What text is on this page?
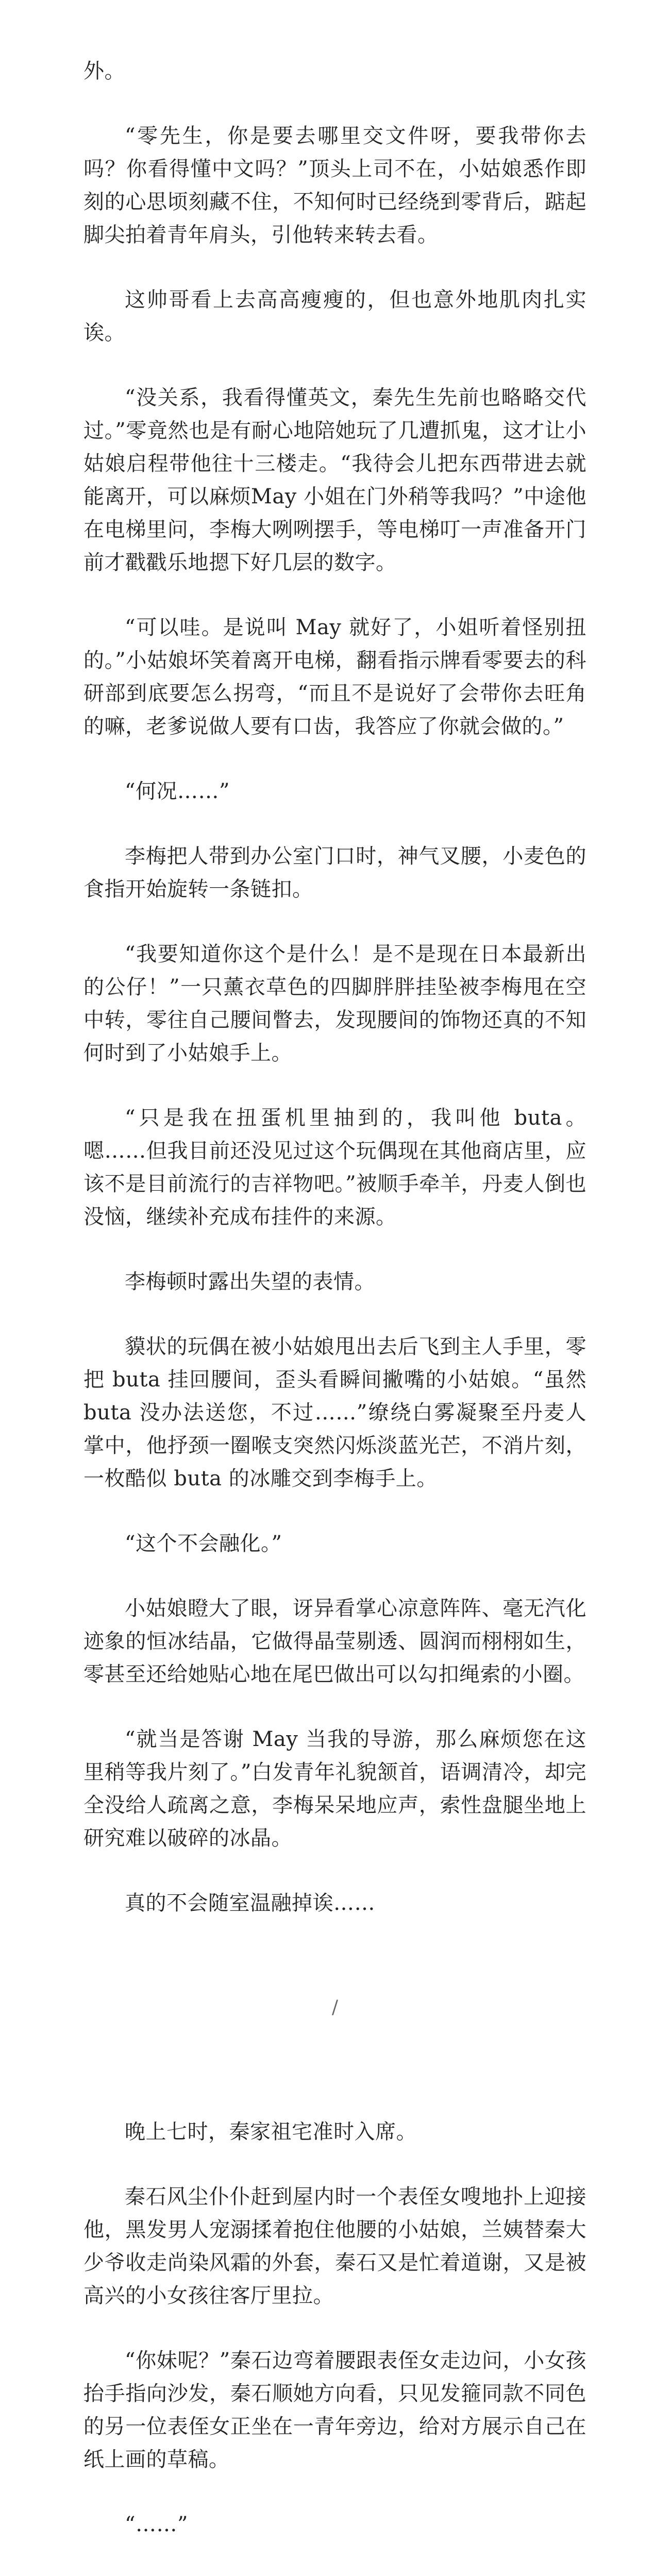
外。

“零先生，你是要去哪里交文件呀，要我带你去吗？你看得懂中文吗？”顶头上司不在，小姑娘悉作即刻的心思顷刻藏不住，不知何时已经绕到零背后，踮起脚尖拍着青年肩头，引他转来转去看。

这帅哥看上去高高瘦瘦的，但也意外地肌肉扎实诶。

“没关系，我看得懂英文，秦先生先前也略略交代过。”零竟然也是有耐心地陪她玩了几遭抓鬼，这才让小姑娘启程带他往十三楼走。“我待会儿把东西带进去就能离开，可以麻烦May 小姐在门外稍等我吗？”中途他在电梯里问，李梅大咧咧摆手，等电梯叮一声准备开门前才戳戳乐地摁下好几层的数字。

“可以哇。是说叫 May 就好了，小姐听着怪别扭的。”小姑娘坏笑着离开电梯，翻看指示牌看零要去的科研部到底要怎么拐弯，“而且不是说好了会带你去旺角的嘛，老爹说做人要有口齿，我答应了你就会做的。”

“何况……”

李梅把人带到办公室门口时，神气叉腰，小麦色的食指开始旋转一条链扣。

“我要知道你这个是什么！是不是现在日本最新出的公仔！”一只薰衣草色的四脚胖胖挂坠被李梅甩在空中转，零往自己腰间瞥去，发现腰间的饰物还真的不知何时到了小姑娘手上。

“只是我在扭蛋机里抽到的，我叫他 buta。嗯……但我目前还没见过这个玩偶现在其他商店里，应该不是目前流行的吉祥物吧。”被顺手牵羊，丹麦人倒也没恼，继续补充成布挂件的来源。

李梅顿时露出失望的表情。

貘状的玩偶在被小姑娘甩出去后飞到主人手里，零把 buta 挂回腰间，歪头看瞬间撇嘴的小姑娘。“虽然 buta 没办法送您，不过……”缭绕白雾凝聚至丹麦人掌中，他抒颈一圈喉支突然闪烁淡蓝光芒，不消片刻，一枚酷似 buta 的冰雕交到李梅手上。

“这个不会融化。”

小姑娘瞪大了眼，讶异看掌心凉意阵阵、毫无汽化迹象的恒冰结晶，它做得晶莹剔透、圆润而栩栩如生，零甚至还给她贴心地在尾巴做出可以勾扣绳索的小圈。

“就当是答谢 May 当我的导游，那么麻烦您在这里稍等我片刻了。”白发青年礼貌颔首，语调清冷，却完全没给人疏离之意，李梅呆呆地应声，索性盘腿坐地上研究难以破碎的冰晶。

真的不会随室温融掉诶……

/

晚上七时，秦家祖宅准时入席。

秦石风尘仆仆赶到屋内时一个表侄女嗖地扑上迎接他，黑发男人宠溺揉着抱住他腰的小姑娘，兰姨替秦大少爷收走尚染风霜的外套，秦石又是忙着道谢，又是被高兴的小女孩往客厅里拉。

“你妹呢？”秦石边弯着腰跟表侄女走边问，小女孩抬手指向沙发，秦石顺她方向看，只见发箍同款不同色的另一位表侄女正坐在一青年旁边，给对方展示自己在纸上画的草稿。

“……”
